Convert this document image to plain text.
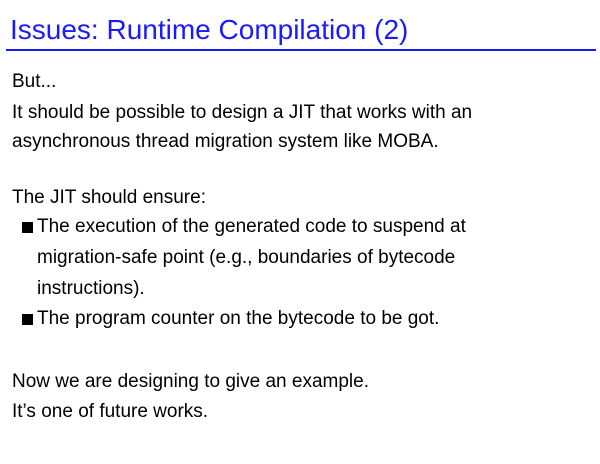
Issues: Runtime Compilation (2)
But...
It should be possible to design a JIT that works with an
asynchronous thread migration system like MOBA.
The JIT should ensure:
The execution of the generated code to suspend at
migration-safe point (e.g., boundaries of bytecode
instructions).
The program counter on the bytecode to be got.
Now we are designing to give an example.
It’s one of future works.
